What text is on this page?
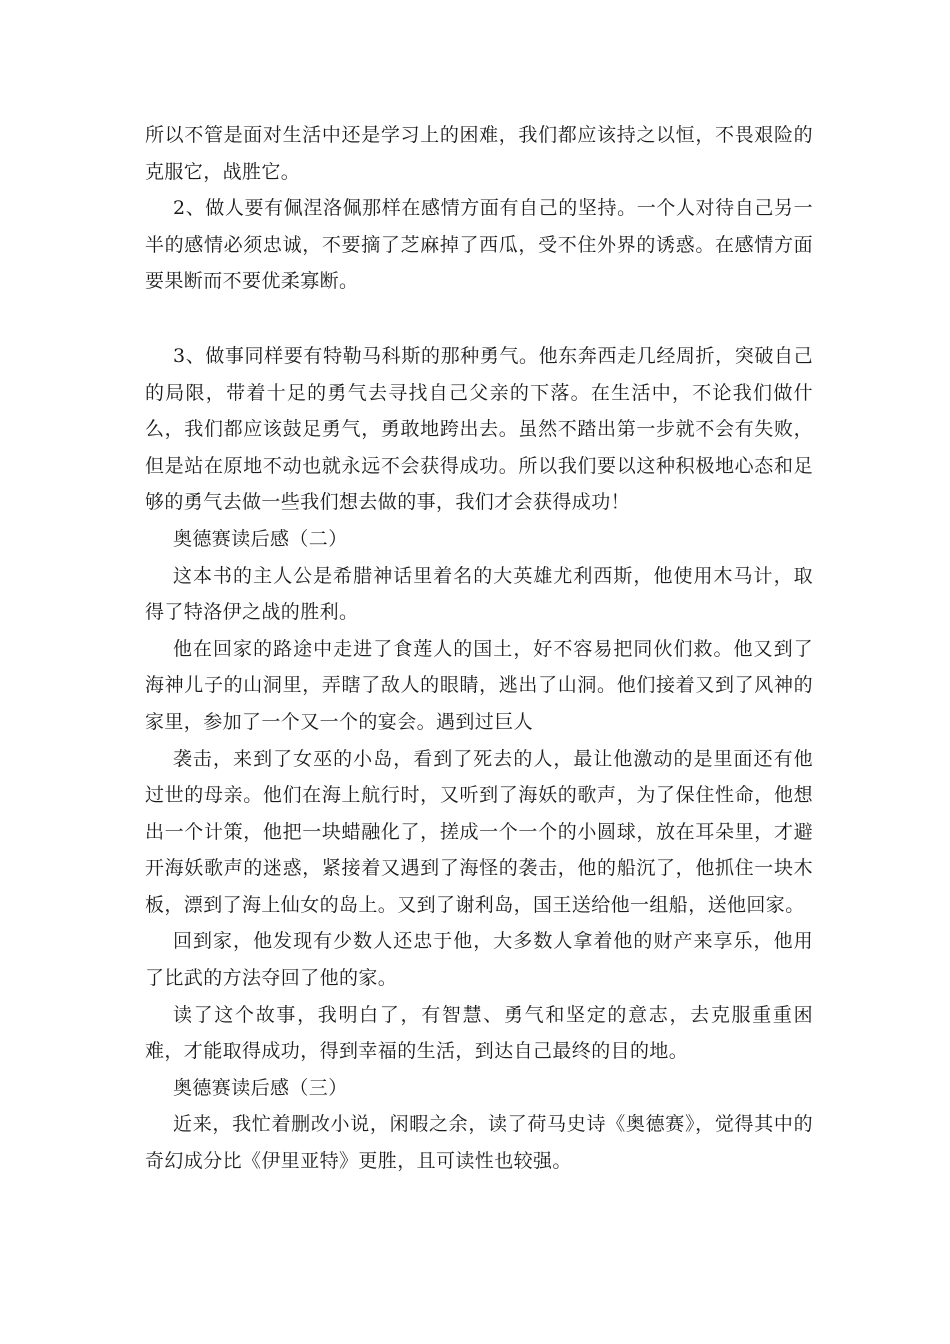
所以不管是面对生活中还是学习上的困难，我们都应该持之以恒，不畏艰险的克服它，战胜它。

2、做人要有佩涅洛佩那样在感情方面有自己的坚持。一个人对待自己另一半的感情必须忠诚，不要摘了芝麻掉了西瓜，受不住外界的诱惑。在感情方面要果断而不要优柔寡断。

3、做事同样要有特勒马科斯的那种勇气。他东奔西走几经周折，突破自己的局限，带着十足的勇气去寻找自己父亲的下落。在生活中，不论我们做什么，我们都应该鼓足勇气，勇敢地跨出去。虽然不踏出第一步就不会有失败，但是站在原地不动也就永远不会获得成功。所以我们要以这种积极地心态和足够的勇气去做一些我们想去做的事，我们才会获得成功！

奥德赛读后感（二）

这本书的主人公是希腊神话里着名的大英雄尤利西斯，他使用木马计，取得了特洛伊之战的胜利。

他在回家的路途中走进了食莲人的国土，好不容易把同伙们救。他又到了海神儿子的山洞里，弄瞎了敌人的眼睛，逃出了山洞。他们接着又到了风神的家里，参加了一个又一个的宴会。遇到过巨人

袭击，来到了女巫的小岛，看到了死去的人，最让他激动的是里面还有他过世的母亲。他们在海上航行时，又听到了海妖的歌声，为了保住性命，他想出一个计策，他把一块蜡融化了，搓成一个一个的小圆球，放在耳朵里，才避开海妖歌声的迷惑，紧接着又遇到了海怪的袭击，他的船沉了，他抓住一块木板，漂到了海上仙女的岛上。又到了谢利岛，国王送给他一组船，送他回家。

回到家，他发现有少数人还忠于他，大多数人拿着他的财产来享乐，他用了比武的方法夺回了他的家。

读了这个故事，我明白了，有智慧、勇气和坚定的意志，去克服重重困难，才能取得成功，得到幸福的生活，到达自己最终的目的地。

奥德赛读后感（三）

近来，我忙着删改小说，闲暇之余，读了荷马史诗《奥德赛》，觉得其中的奇幻成分比《伊里亚特》更胜，且可读性也较强。
